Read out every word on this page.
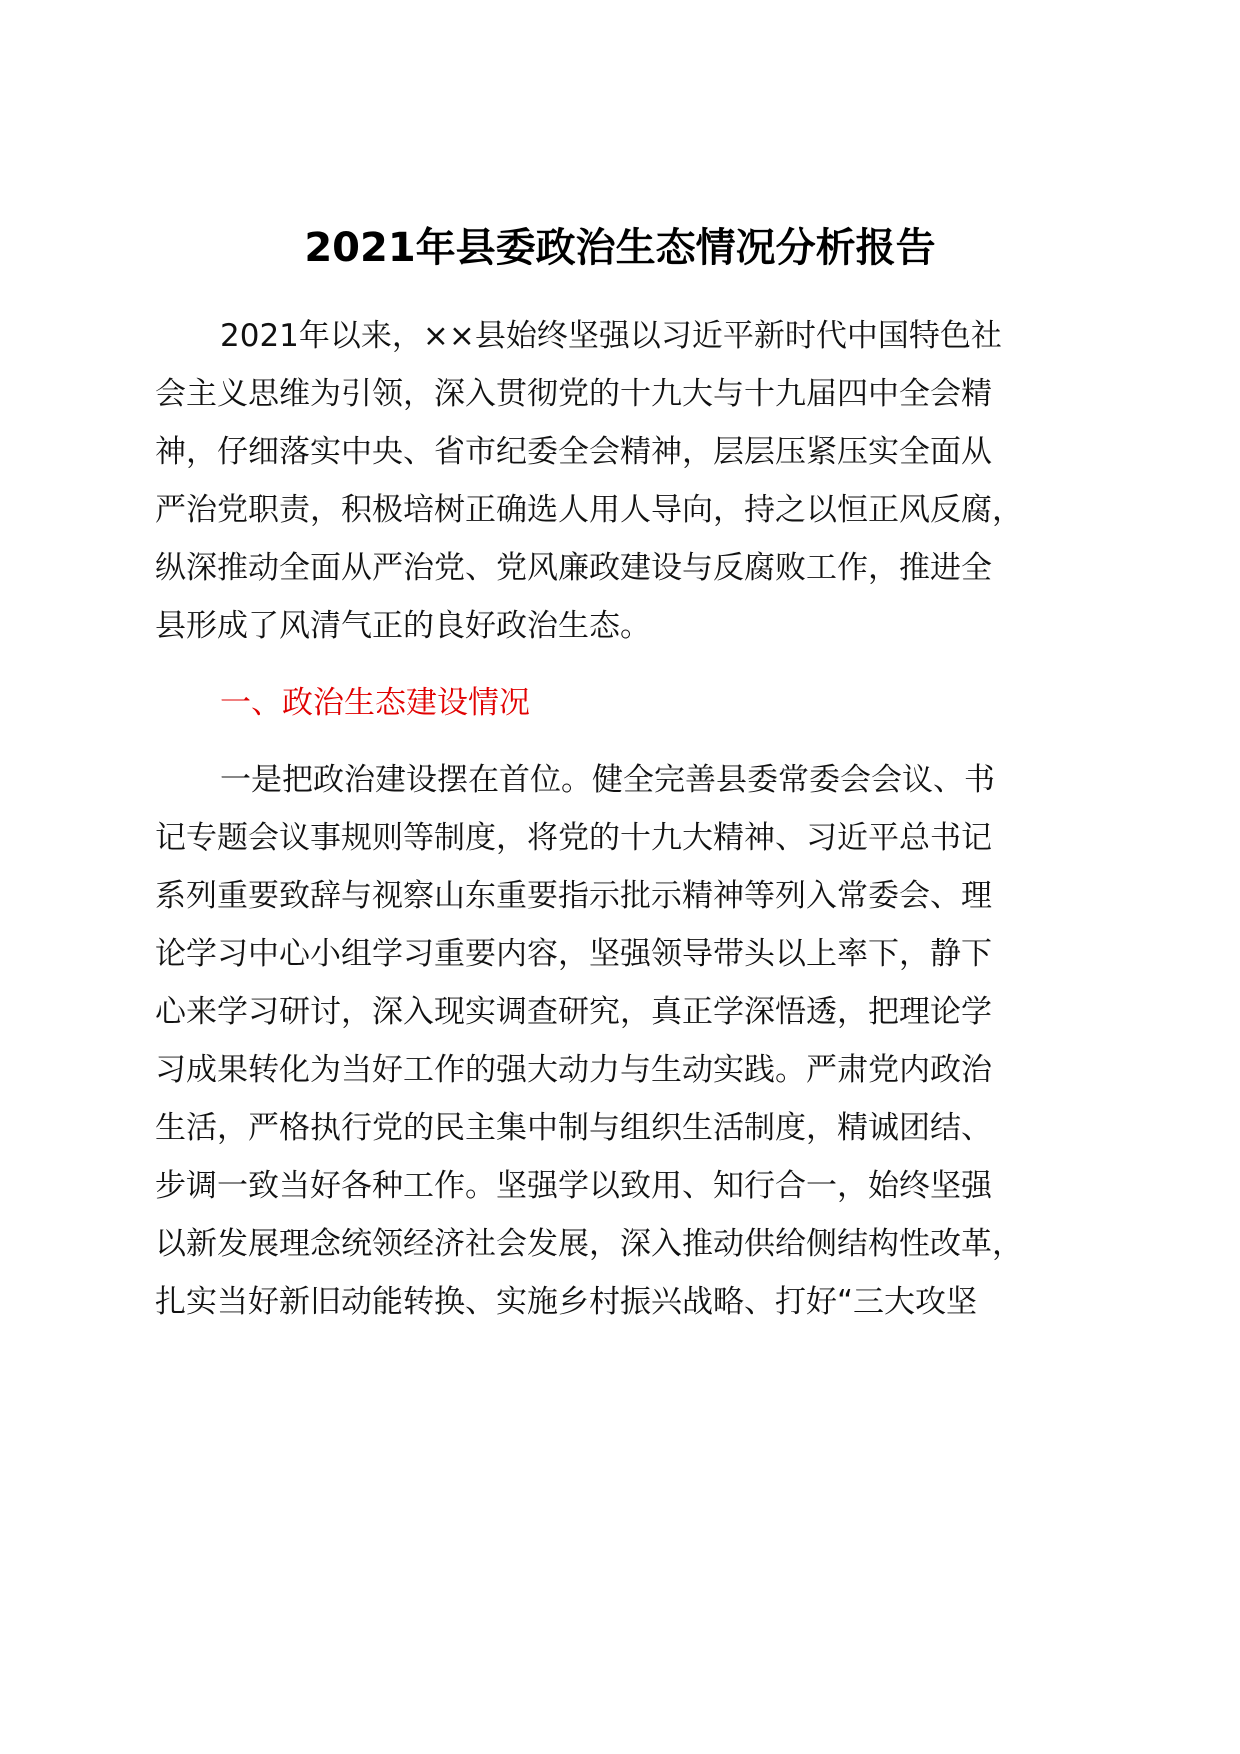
2021年县委政治生态情况分析报告

2021年以来，××县始终坚强以习近平新时代中国特色社

会主义思维为引领，深入贯彻党的十九大与十九届四中全会精

神，仔细落实中央、省市纪委全会精神，层层压紧压实全面从

严治党职责，积极培树正确选人用人导向，持之以恒正风反腐，

纵深推动全面从严治党、党风廉政建设与反腐败工作，推进全

县形成了风清气正的良好政治生态。

一、政治生态建设情况

一是把政治建设摆在首位。健全完善县委常委会会议、书

记专题会议事规则等制度，将党的十九大精神、习近平总书记

系列重要致辞与视察山东重要指示批示精神等列入常委会、理

论学习中心小组学习重要内容，坚强领导带头以上率下，静下

心来学习研讨，深入现实调查研究，真正学深悟透，把理论学

习成果转化为当好工作的强大动力与生动实践。严肃党内政治

生活，严格执行党的民主集中制与组织生活制度，精诚团结、

步调一致当好各种工作。坚强学以致用、知行合一，始终坚强

以新发展理念统领经济社会发展，深入推动供给侧结构性改革，

扎实当好新旧动能转换、实施乡村振兴战略、打好“三大攻坚
